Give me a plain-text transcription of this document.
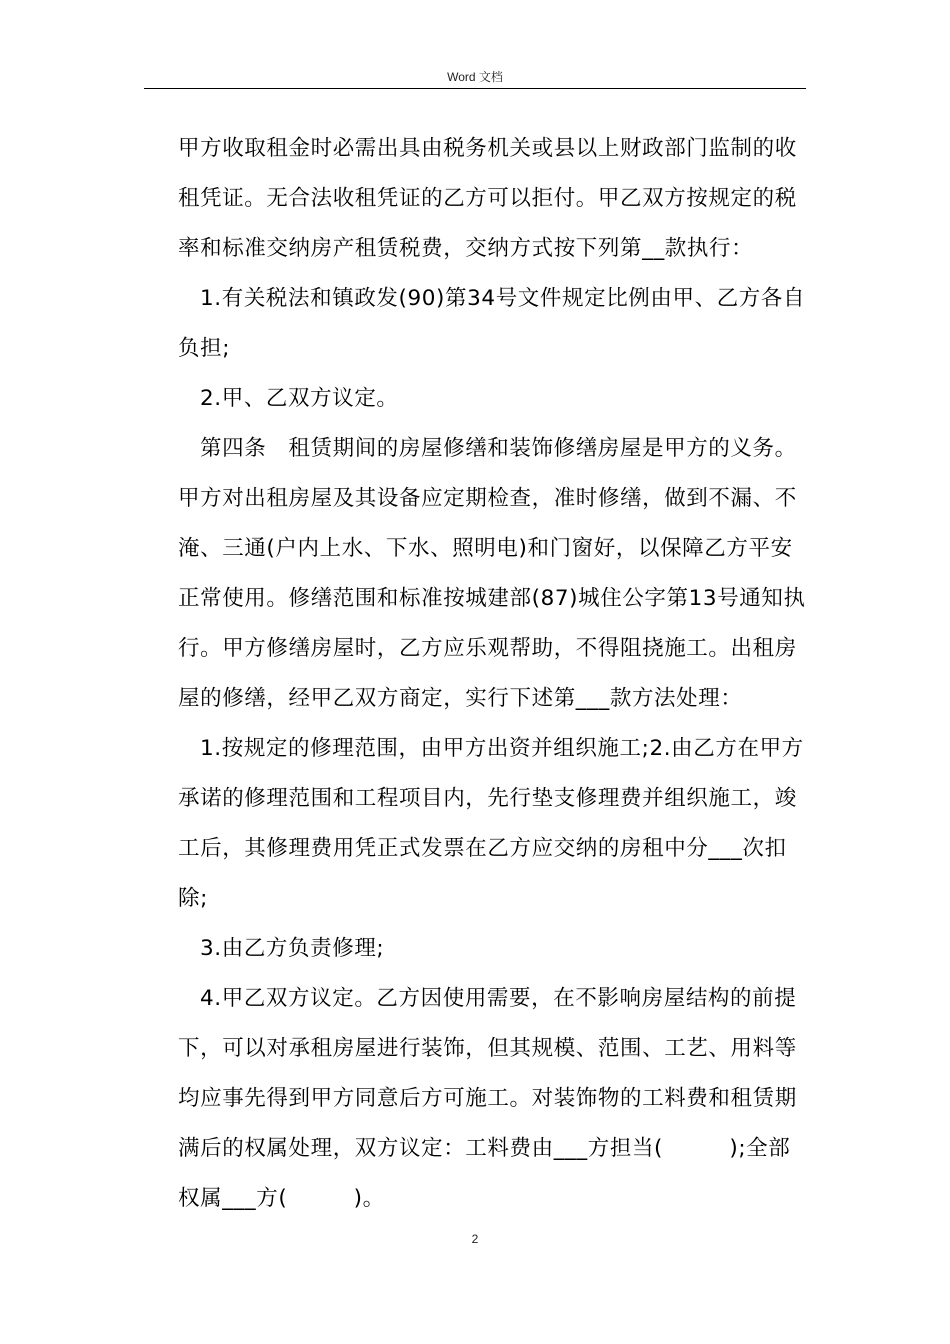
Word 文档

甲方收取租金时必需出具由税务机关或县以上财政部门监制的收租凭证。无合法收租凭证的乙方可以拒付。甲乙双方按规定的税率和标准交纳房产租赁税费，交纳方式按下列第__款执行：

1.有关税法和镇政发(90)第34号文件规定比例由甲、乙方各自负担;

2.甲、乙双方议定。

第四条　租赁期间的房屋修缮和装饰修缮房屋是甲方的义务。甲方对出租房屋及其设备应定期检查，准时修缮，做到不漏、不淹、三通(户内上水、下水、照明电)和门窗好，以保障乙方平安正常使用。修缮范围和标准按城建部(87)城住公字第13号通知执行。甲方修缮房屋时，乙方应乐观帮助，不得阻挠施工。出租房屋的修缮，经甲乙双方商定，实行下述第___款方法处理：

1.按规定的修理范围，由甲方出资并组织施工;2.由乙方在甲方承诺的修理范围和工程项目内，先行垫支修理费并组织施工，竣工后，其修理费用凭正式发票在乙方应交纳的房租中分___次扣除;

3.由乙方负责修理;

4.甲乙双方议定。乙方因使用需要，在不影响房屋结构的前提下，可以对承租房屋进行装饰，但其规模、范围、工艺、用料等均应事先得到甲方同意后方可施工。对装饰物的工料费和租赁期满后的权属处理，双方议定：工料费由___方担当(　　　);全部权属___方(　　　)。

2
